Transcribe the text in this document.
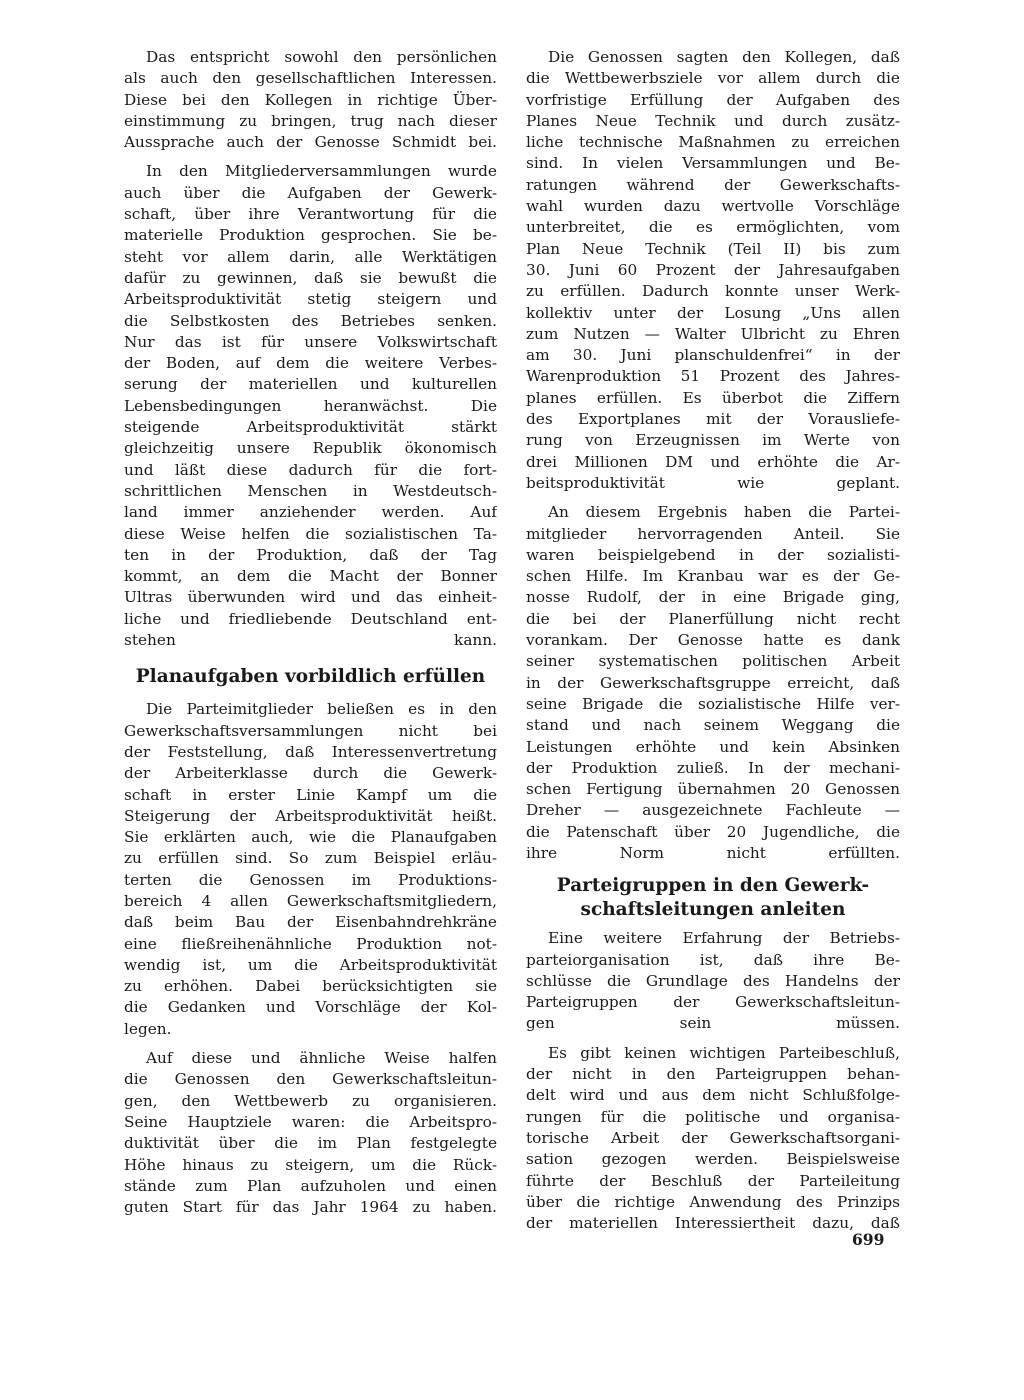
Das entspricht sowohl den persönlichen
als auch den gesellschaftlichen Interessen.
Diese bei den Kollegen in richtige Über-
einstimmung zu bringen, trug nach dieser
Aussprache auch der Genosse Schmidt bei.
In den Mitgliederversammlungen wurde
auch über die Aufgaben der Gewerk-
schaft, über ihre Verantwortung für die
materielle Produktion gesprochen. Sie be-
steht vor allem darin, alle Werktätigen
dafür zu gewinnen, daß sie bewußt die
Arbeitsproduktivität stetig steigern und
die Selbstkosten des Betriebes senken.
Nur das ist für unsere Volkswirtschaft
der Boden, auf dem die weitere Verbes-
serung der materiellen und kulturellen
Lebensbedingungen heranwächst. Die
steigende Arbeitsproduktivität stärkt
gleichzeitig unsere Republik ökonomisch
und läßt diese dadurch für die fort-
schrittlichen Menschen in Westdeutsch-
land immer anziehender werden. Auf
diese Weise helfen die sozialistischen Ta-
ten in der Produktion, daß der Tag
kommt, an dem die Macht der Bonner
Ultras überwunden wird und das einheit-
liche und friedliebende Deutschland ent-
stehen kann.
Planaufgaben vorbildlich erfüllen
Die Parteimitglieder beließen es in den
Gewerkschaftsversammlungen nicht bei
der Feststellung, daß Interessenvertretung
der Arbeiterklasse durch die Gewerk-
schaft in erster Linie Kampf um die
Steigerung der Arbeitsproduktivität heißt.
Sie erklärten auch, wie die Planaufgaben
zu erfüllen sind. So zum Beispiel erläu-
terten die Genossen im Produktions-
bereich 4 allen Gewerkschaftsmitgliedern,
daß beim Bau der Eisenbahndrehkräne
eine fließreihenähnliche Produktion not-
wendig ist, um die Arbeitsproduktivität
zu erhöhen. Dabei berücksichtigten sie
die Gedanken und Vorschläge der Kol-
legen.
Auf diese und ähnliche Weise halfen
die Genossen den Gewerkschaftsleitun-
gen, den Wettbewerb zu organisieren.
Seine Hauptziele waren: die Arbeitspro-
duktivität über die im Plan festgelegte
Höhe hinaus zu steigern, um die Rück-
stände zum Plan aufzuholen und einen
guten Start für das Jahr 1964 zu haben.
Die Genossen sagten den Kollegen, daß
die Wettbewerbsziele vor allem durch die
vorfristige Erfüllung der Aufgaben des
Planes Neue Technik und durch zusätz-
liche technische Maßnahmen zu erreichen
sind. In vielen Versammlungen und Be-
ratungen während der Gewerkschafts-
wahl wurden dazu wertvolle Vorschläge
unterbreitet, die es ermöglichten, vom
Plan Neue Technik (Teil II) bis zum
30. Juni 60 Prozent der Jahresaufgaben
zu erfüllen. Dadurch konnte unser Werk-
kollektiv unter der Losung „Uns allen
zum Nutzen — Walter Ulbricht zu Ehren
am 30. Juni planschuldenfrei“ in der
Warenproduktion 51 Prozent des Jahres-
planes erfüllen. Es überbot die Ziffern
des Exportplanes mit der Vorausliefe-
rung von Erzeugnissen im Werte von
drei Millionen DM und erhöhte die Ar-
beitsproduktivität wie geplant.
An diesem Ergebnis haben die Partei-
mitglieder hervorragenden Anteil. Sie
waren beispielgebend in der sozialisti-
schen Hilfe. Im Kranbau war es der Ge-
nosse Rudolf, der in eine Brigade ging,
die bei der Planerfüllung nicht recht
vorankam. Der Genosse hatte es dank
seiner systematischen politischen Arbeit
in der Gewerkschaftsgruppe erreicht, daß
seine Brigade die sozialistische Hilfe ver-
stand und nach seinem Weggang die
Leistungen erhöhte und kein Absinken
der Produktion zuließ. In der mechani-
schen Fertigung übernahmen 20 Genossen
Dreher — ausgezeichnete Fachleute —
die Patenschaft über 20 Jugendliche, die
ihre Norm nicht erfüllten.
Parteigruppen in den Gewerk-
schaftsleitungen anleiten
Eine weitere Erfahrung der Betriebs-
parteiorganisation ist, daß ihre Be-
schlüsse die Grundlage des Handelns der
Parteigruppen der Gewerkschaftsleitun-
gen sein müssen.
Es gibt keinen wichtigen Parteibeschluß,
der nicht in den Parteigruppen behan-
delt wird und aus dem nicht Schlußfolge-
rungen für die politische und organisa-
torische Arbeit der Gewerkschaftsorgani-
sation gezogen werden. Beispielsweise
führte der Beschluß der Parteileitung
über die richtige Anwendung des Prinzips
der materiellen Interessiertheit dazu, daß
699
